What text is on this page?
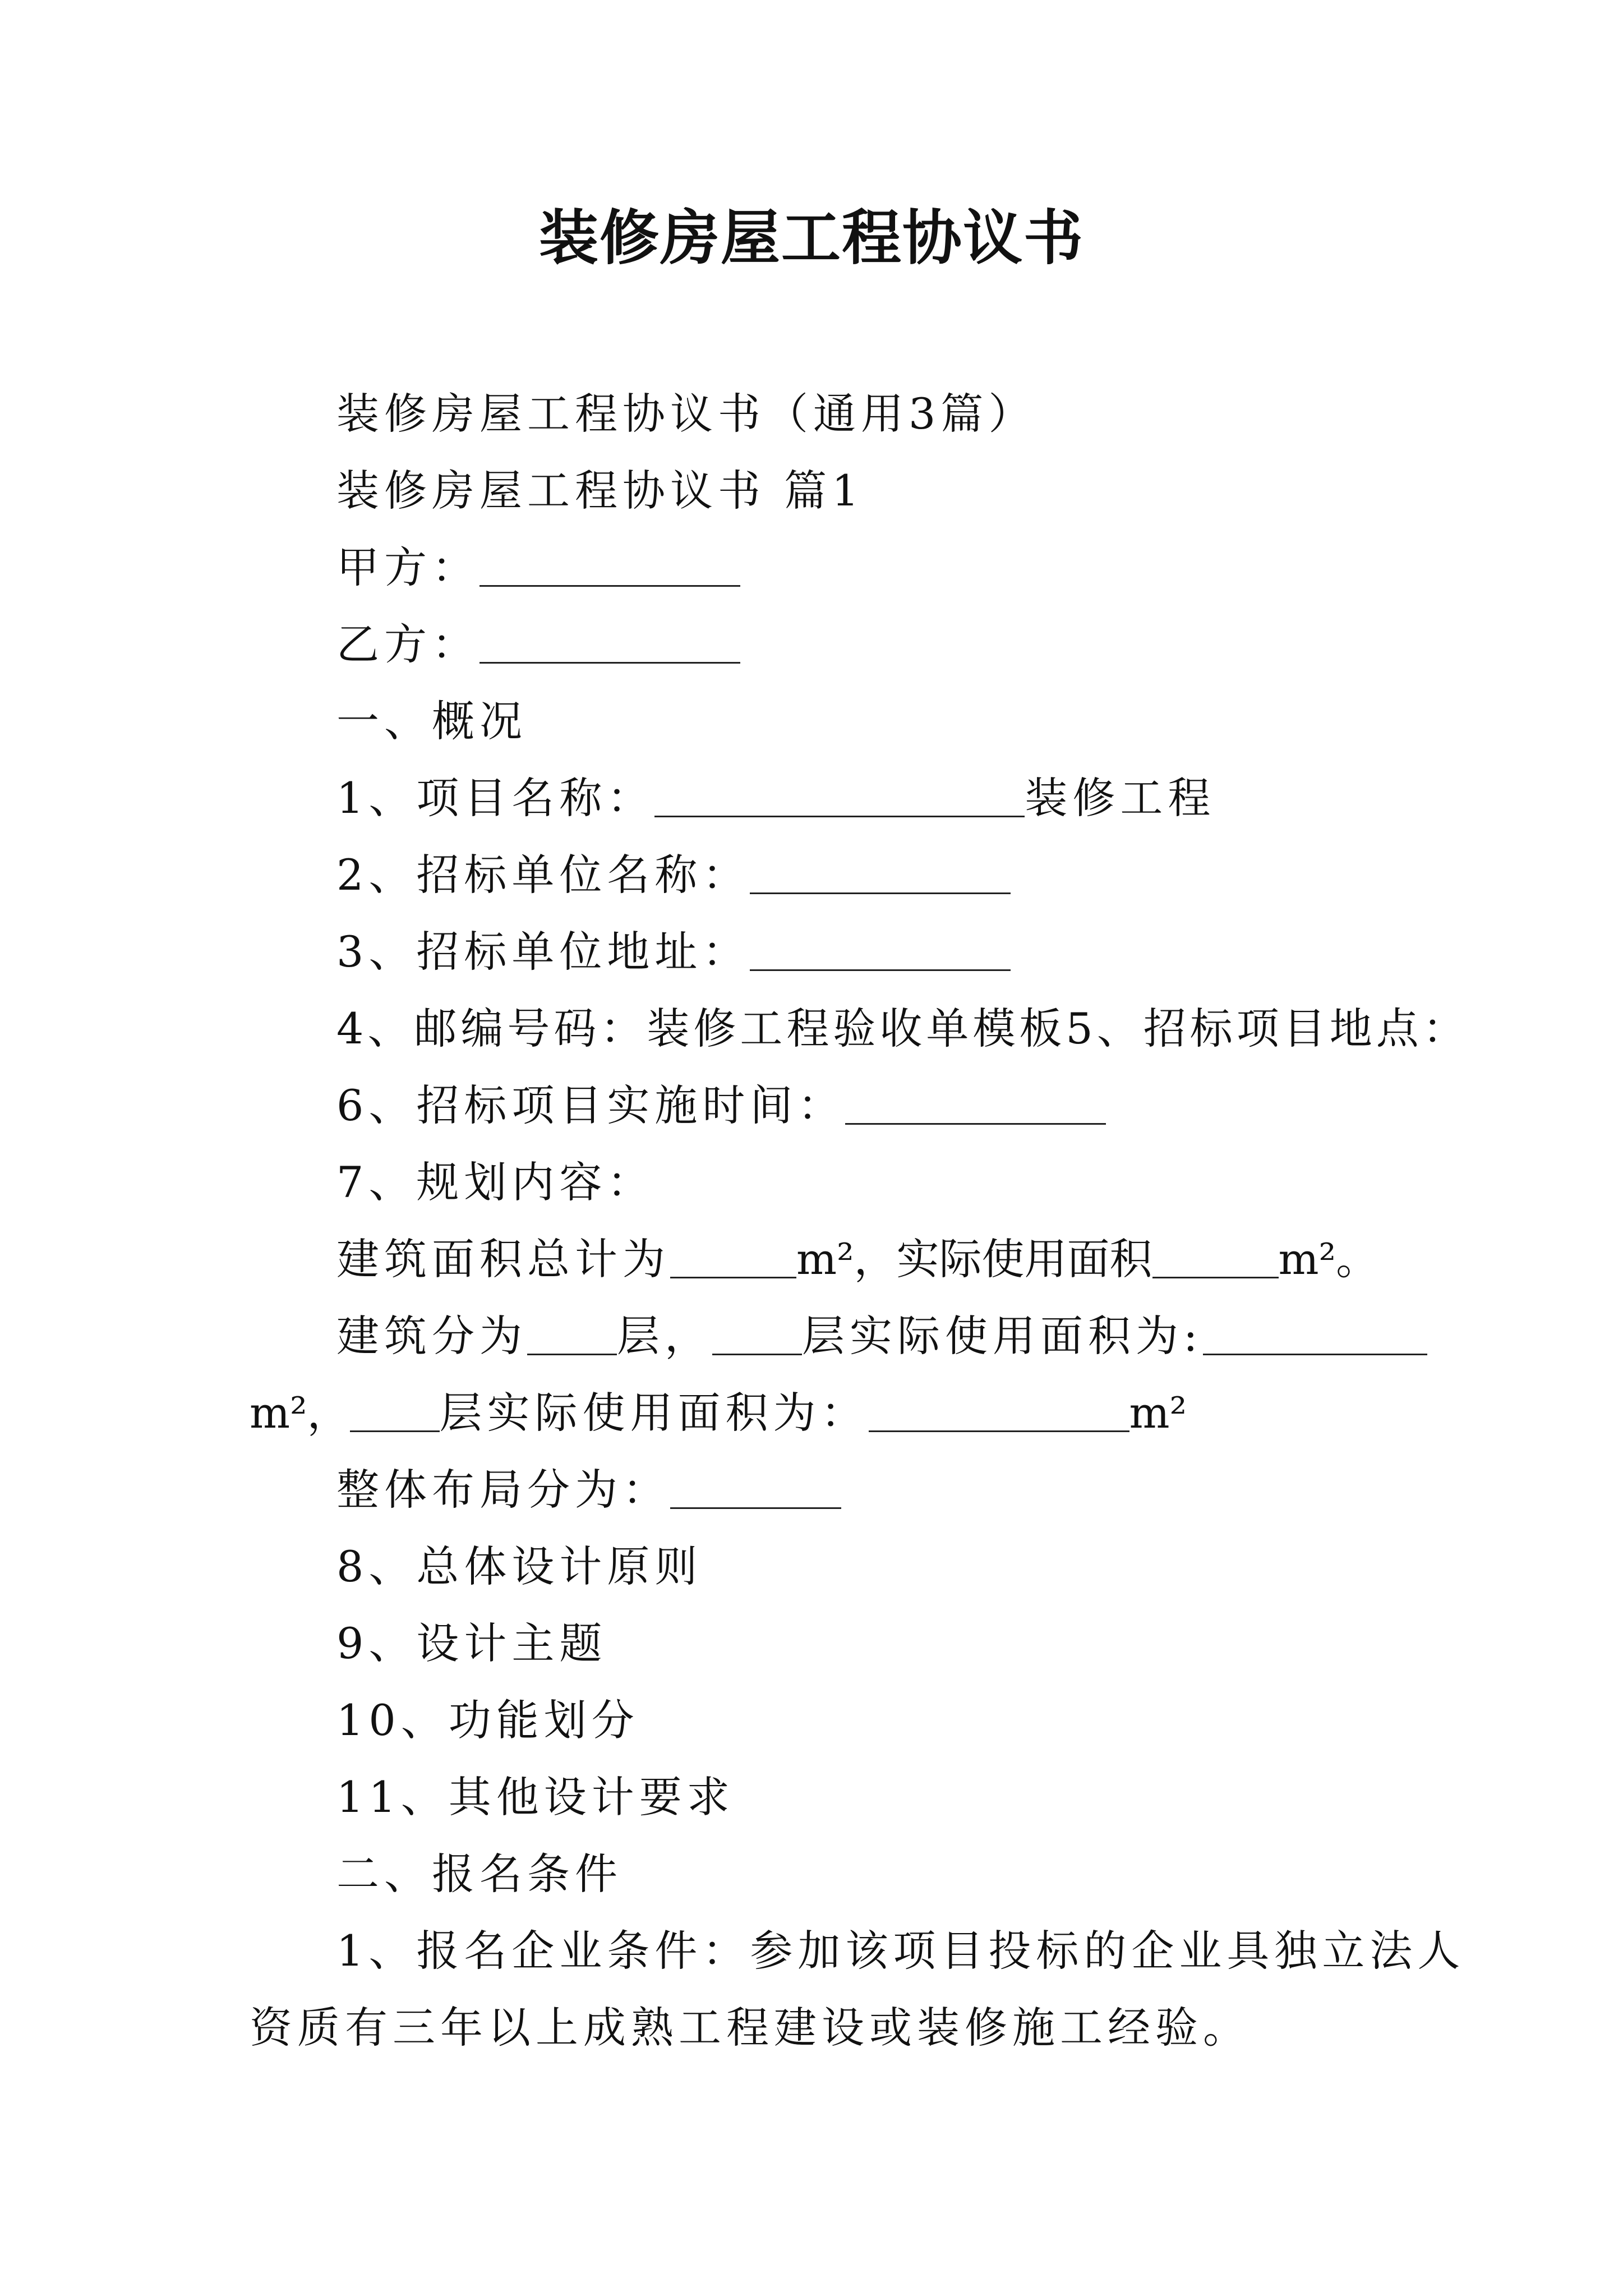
装修房屋工程协议书
装修房屋工程协议书（通用3篇）
装修房屋工程协议书 篇1
甲方：
乙方：
一、概况
1、项目名称：	装修工程
2、招标单位名称：
3、招标单位地址：
4、邮编号码：装修工程验收单模板5、招标项目地点：
6、招标项目实施时间：
7、规划内容：
建筑面积总计为	m²，实际使用面积	m²。
建筑分为 层， 层实际使用面积为:
m²， 层实际使用面积为：	m²
整体布局分为：
8、总体设计原则
9、设计主题
10、功能划分
11、其他设计要求
二、报名条件
1、报名企业条件：参加该项目投标的企业具独立法人
资质有三年以上成熟工程建设或装修施工经验。
